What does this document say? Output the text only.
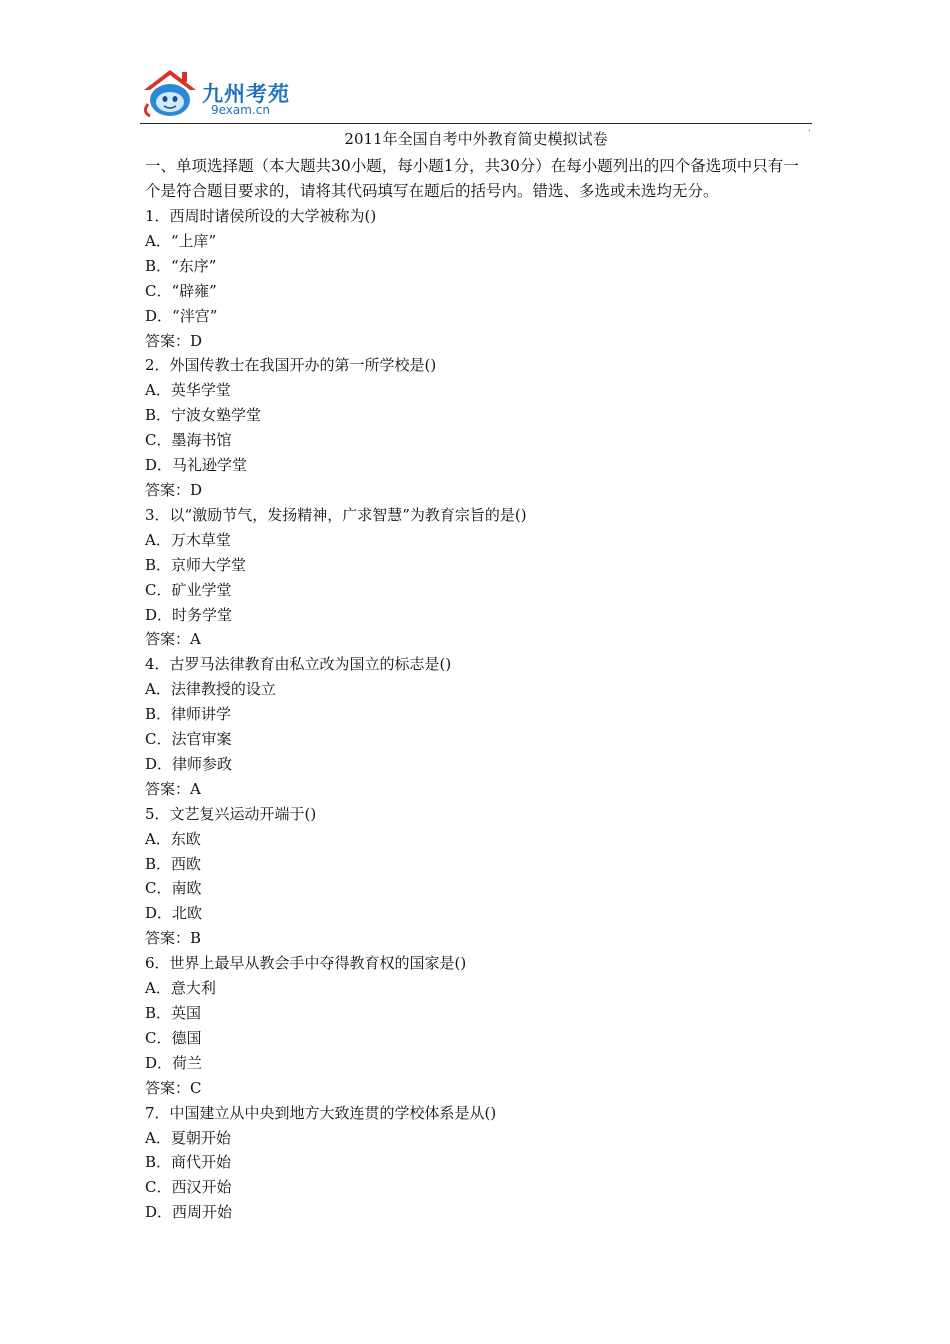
九州考苑
9exam.cn
.
2011年全国自考中外教育简史模拟试卷

一、单项选择题（本大题共30小题，每小题1分，共30分）在每小题列出的四个备选项中只有一个是符合题目要求的，请将其代码填写在题后的括号内。错选、多选或未选均无分。

1．西周时诸侯所设的大学被称为()

A．“上庠”

B．“东序”

C．“辟雍”

D．“泮宫”

答案：D

2．外国传教士在我国开办的第一所学校是()

A．英华学堂

B．宁波女塾学堂

C．墨海书馆

D．马礼逊学堂

答案：D

3．以“激励节气，发扬精神，广求智慧”为教育宗旨的是()

A．万木草堂

B．京师大学堂

C．矿业学堂

D．时务学堂

答案：A

4．古罗马法律教育由私立改为国立的标志是()

A．法律教授的设立

B．律师讲学

C．法官审案

D．律师参政

答案：A

5．文艺复兴运动开端于()

A．东欧

B．西欧

C．南欧

D．北欧

答案：B

6．世界上最早从教会手中夺得教育权的国家是()

A．意大利

B．英国

C．德国

D．荷兰

答案：C

7．中国建立从中央到地方大致连贯的学校体系是从()

A．夏朝开始

B．商代开始

C．西汉开始

D．西周开始
